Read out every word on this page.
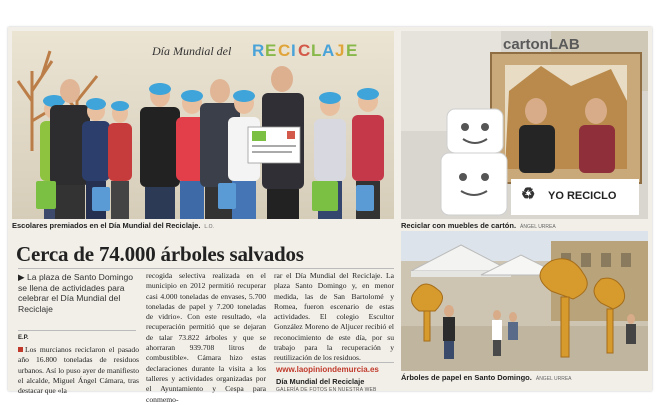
Día Mundial del R E C I C L A J E
Escolares premiados en el Día Mundial del Reciclaje. L.O.
♻ YO RECICLO
cartonLAB
Reciclar con muebles de cartón. ÁNGEL URREA
Árboles de papel en Santo Domingo. ÁNGEL URREA
Cerca de 74.000 árboles salvados
▶ La plaza de Santo Domingo se llena de actividades para celebrar el Día Mundial del Reciclaje
E.P.
Los murcianos reciclaron el pasado año 16.800 toneladas de residuos urbanos. Así lo puso ayer de manifiesto el alcalde, Miguel Ángel Cámara, tras destacar que «la
recogida selectiva realizada en el municipio en 2012 permitió recuperar casi 4.000 toneladas de envases, 5.700 toneladas de papel y 7.200 toneladas de vidrio». Con este resultado, «la recuperación permitió que se dejaran de talar 73.822 árboles y que se ahorraran 939.708 litros de combustible». Cámara hizo estas declaraciones durante la visita a los talleres y actividades organizadas por el Ayuntamiento y Cespa para conmemo-
rar el Día Mundial del Reciclaje. La plaza Santo Domingo y, en menor medida, las de San Bartolomé y Romea, fueron escenario de estas actividades. El colegio Escultor González Moreno de Aljucer recibió el reconocimiento de este día, por su trabajo para la recuperación y reutilización de los residuos.
www.laopiniondemurcia.es
Día Mundial del Reciclaje
GALERÍA DE FOTOS EN NUESTRA WEB
